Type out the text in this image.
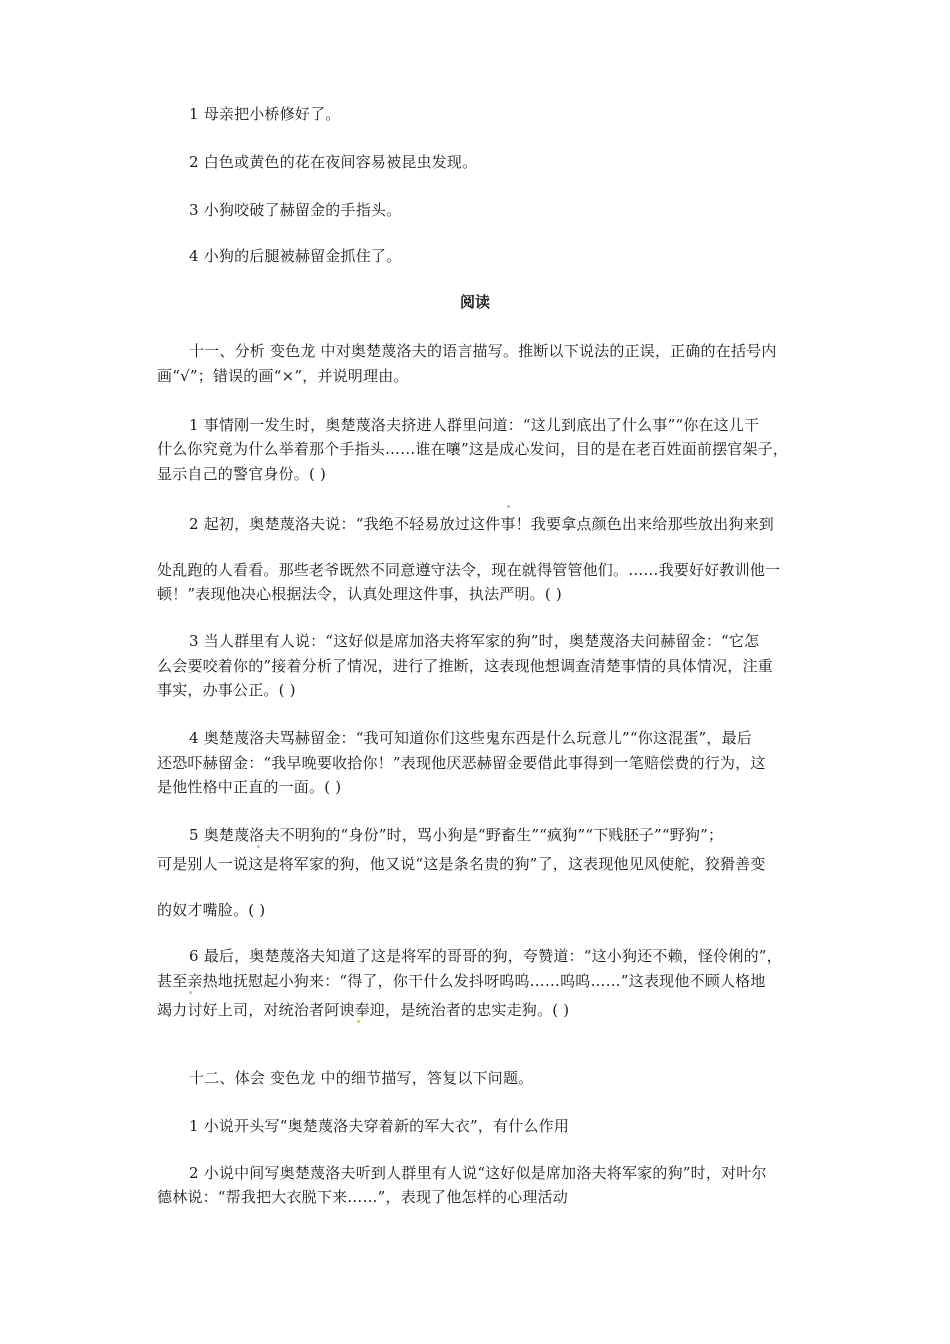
1 母亲把小桥修好了。
2 白色或黄色的花在夜间容易被昆虫发现。
3 小狗咬破了赫留金的手指头。
4 小狗的后腿被赫留金抓住了。
阅读
十一、分析 变色龙 中对奥楚蔑洛夫的语言描写。推断以下说法的正误，正确的在括号内
画“√”；错误的画“×”，并说明理由。
1 事情刚一发生时，奥楚蔑洛夫挤进人群里问道：“这儿到底出了什么事”“你在这儿干
什么你究竟为什么举着那个手指头……谁在嚷”这是成心发问，目的是在老百姓面前摆官架子，
显示自己的警官身份。( )
2 起初，奥楚蔑洛夫说：“我绝不轻易放过这件事！我要拿点颜色出来给那些放出狗来到
处乱跑的人看看。那些老爷既然不同意遵守法令，现在就得管管他们。……我要好好教训他一
顿！”表现他决心根据法令，认真处理这件事，执法严明。( )
3 当人群里有人说：“这好似是席加洛夫将军家的狗”时，奥楚蔑洛夫问赫留金：“它怎
么会要咬着你的”接着分析了情况，进行了推断，这表现他想调查清楚事情的具体情况，注重
事实，办事公正。( )
4 奥楚蔑洛夫骂赫留金：“我可知道你们这些鬼东西是什么玩意儿”“你这混蛋”，最后
还恐吓赫留金：“我早晚要收拾你！”表现他厌恶赫留金要借此事得到一笔赔偿费的行为，这
是他性格中正直的一面。( )
5 奥楚蔑洛夫不明狗的“身份”时，骂小狗是“野畜生”“疯狗”“下贱胚子”“野狗”；
可是别人一说这是将军家的狗，他又说“这是条名贵的狗”了，这表现他见风使舵，狡猾善变
的奴才嘴脸。( )
6 最后，奥楚蔑洛夫知道了这是将军的哥哥的狗，夸赞道：“这小狗还不赖，怪伶俐的”，
甚至亲热地抚慰起小狗来：“得了，你干什么发抖呀呜呜……呜呜……”这表现他不顾人格地
竭力讨好上司，对统治者阿谀奉迎，是统治者的忠实走狗。( )
十二、体会 变色龙 中的细节描写，答复以下问题。
1 小说开头写“奥楚蔑洛夫穿着新的军大衣”，有什么作用
2 小说中间写奥楚蔑洛夫听到人群里有人说“这好似是席加洛夫将军家的狗”时，对叶尔
德林说：“帮我把大衣脱下来……”，表现了他怎样的心理活动
